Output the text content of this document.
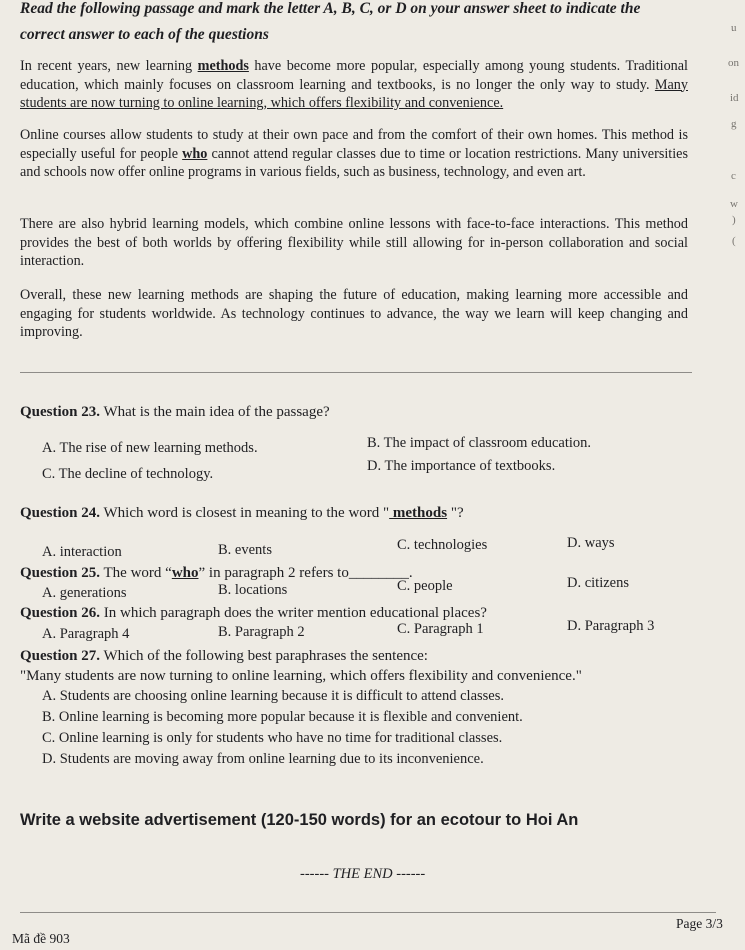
Read the following passage and mark the letter A, B, C, or D on your answer sheet to indicate the
correct answer to each of the questions

In recent years, new learning methods have become more popular, especially among young students. Traditional education, which mainly focuses on classroom learning and textbooks, is no longer the only way to study. Many students are now turning to online learning, which offers flexibility and convenience.

Online courses allow students to study at their own pace and from the comfort of their own homes. This method is especially useful for people who cannot attend regular classes due to time or location restrictions. Many universities and schools now offer online programs in various fields, such as business, technology, and even art.

There are also hybrid learning models, which combine online lessons with face-to-face interactions. This method provides the best of both worlds by offering flexibility while still allowing for in-person collaboration and social interaction.

Overall, these new learning methods are shaping the future of education, making learning more accessible and engaging for students worldwide. As technology continues to advance, the way we learn will keep changing and improving.

Question 23. What is the main idea of the passage?
A. The rise of new learning methods.	B. The impact of classroom education.
C. The decline of technology.	D. The importance of textbooks.
Question 24. Which word is closest in meaning to the word " methods "?
A. interaction	B. events	C. technologies	D. ways
Question 25. The word “who” in paragraph 2 refers to________.
A. generations	B. locations	C. people	D. citizens
Question 26. In which paragraph does the writer mention educational places?
A. Paragraph 4	B. Paragraph 2	C. Paragraph 1	D. Paragraph 3
Question 27. Which of the following best paraphrases the sentence:
"Many students are now turning to online learning, which offers flexibility and convenience."
A. Students are choosing online learning because it is difficult to attend classes.
B. Online learning is becoming more popular because it is flexible and convenient.
C. Online learning is only for students who have no time for traditional classes.
D. Students are moving away from online learning due to its inconvenience.
Write a website advertisement (120-150 words) for an ecotour to Hoi An
------ THE END ------
Mã đề 903
Page 3/3
u
on
id
g
c
w
)
(
